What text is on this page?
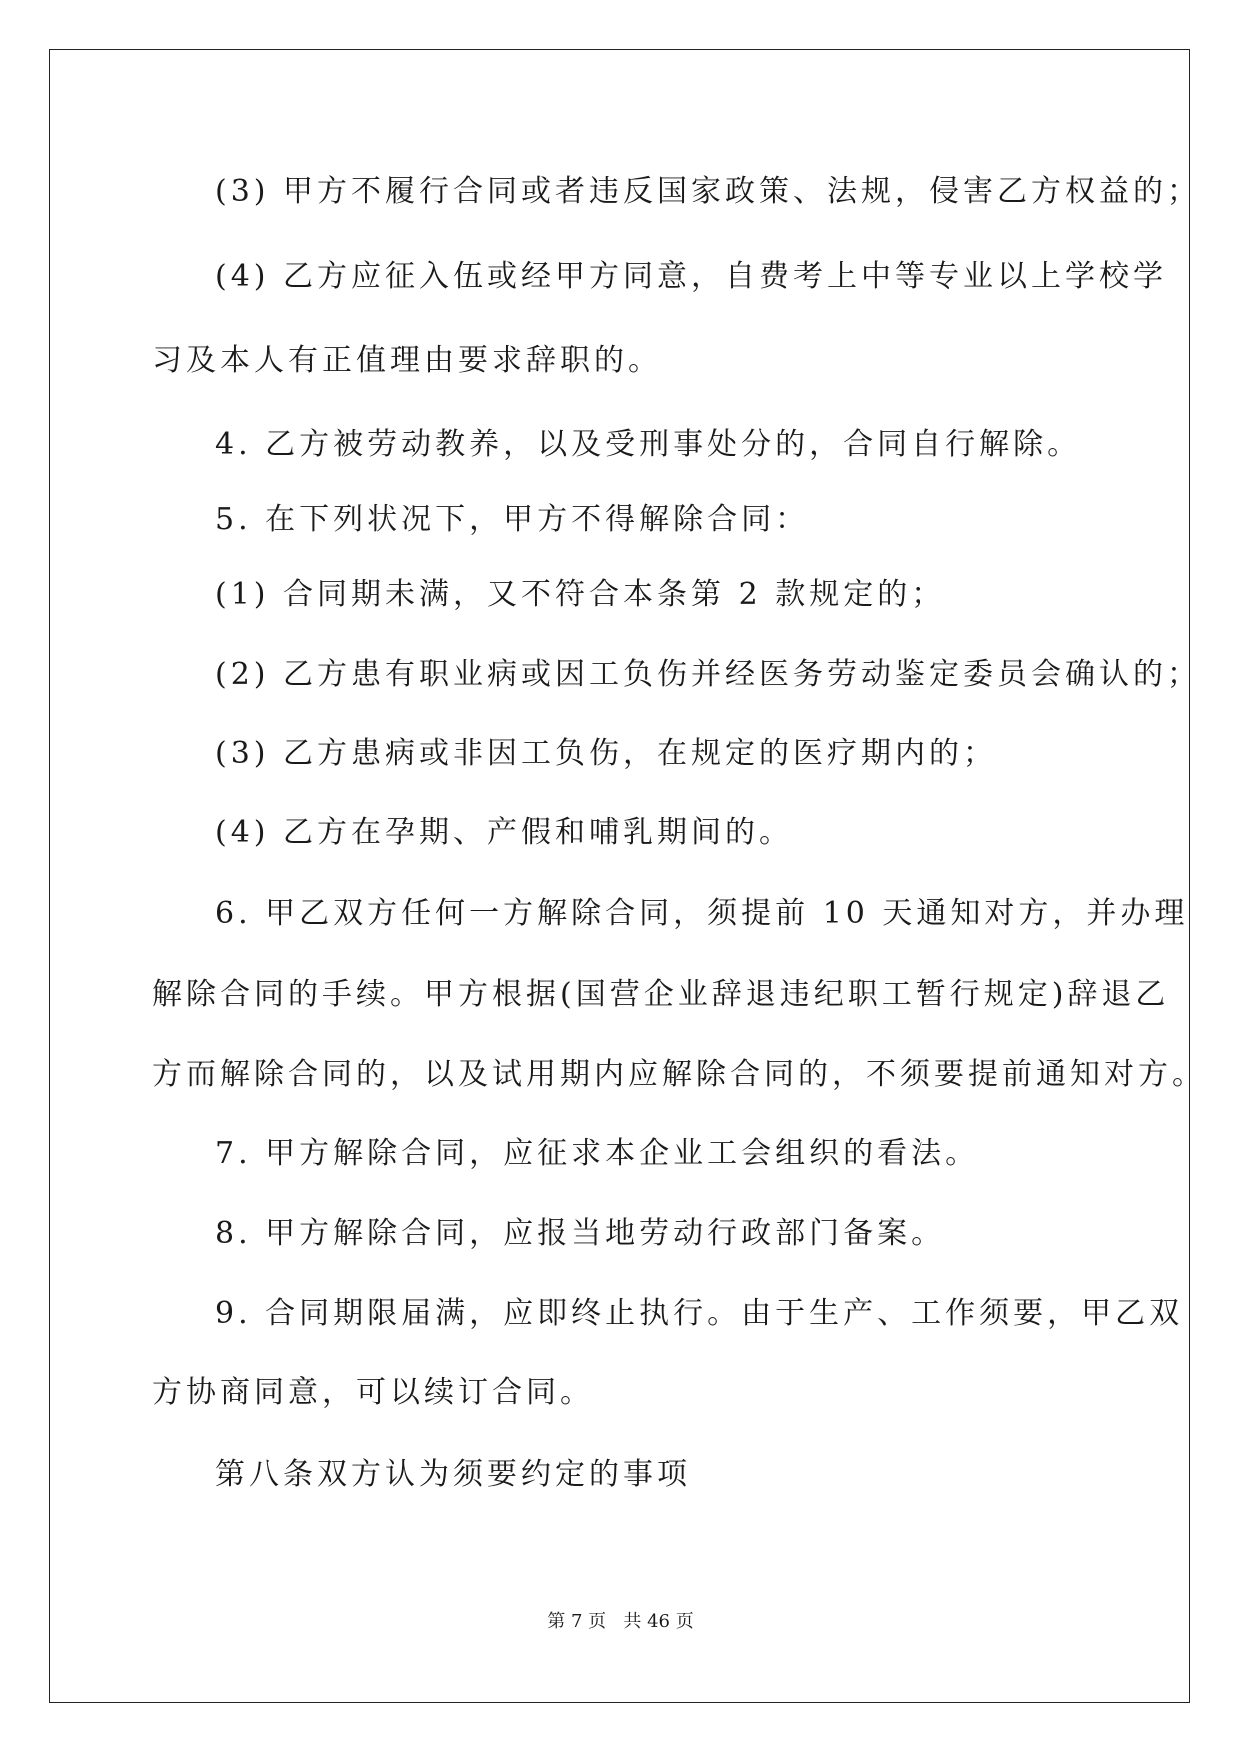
(3) 甲方不履行合同或者违反国家政策、法规，侵害乙方权益的；
(4) 乙方应征入伍或经甲方同意，自费考上中等专业以上学校学
习及本人有正值理由要求辞职的。
4. 乙方被劳动教养，以及受刑事处分的，合同自行解除。
5. 在下列状况下，甲方不得解除合同：
(1) 合同期未满，又不符合本条第 2 款规定的；
(2) 乙方患有职业病或因工负伤并经医务劳动鉴定委员会确认的；
(3) 乙方患病或非因工负伤，在规定的医疗期内的；
(4) 乙方在孕期、产假和哺乳期间的。
6. 甲乙双方任何一方解除合同，须提前 10 天通知对方，并办理
解除合同的手续。甲方根据(国营企业辞退违纪职工暂行规定)辞退乙
方而解除合同的，以及试用期内应解除合同的，不须要提前通知对方。
7. 甲方解除合同，应征求本企业工会组织的看法。
8. 甲方解除合同，应报当地劳动行政部门备案。
9. 合同期限届满，应即终止执行。由于生产、工作须要，甲乙双
方协商同意，可以续订合同。
第八条双方认为须要约定的事项
第 7 页   共 46 页
